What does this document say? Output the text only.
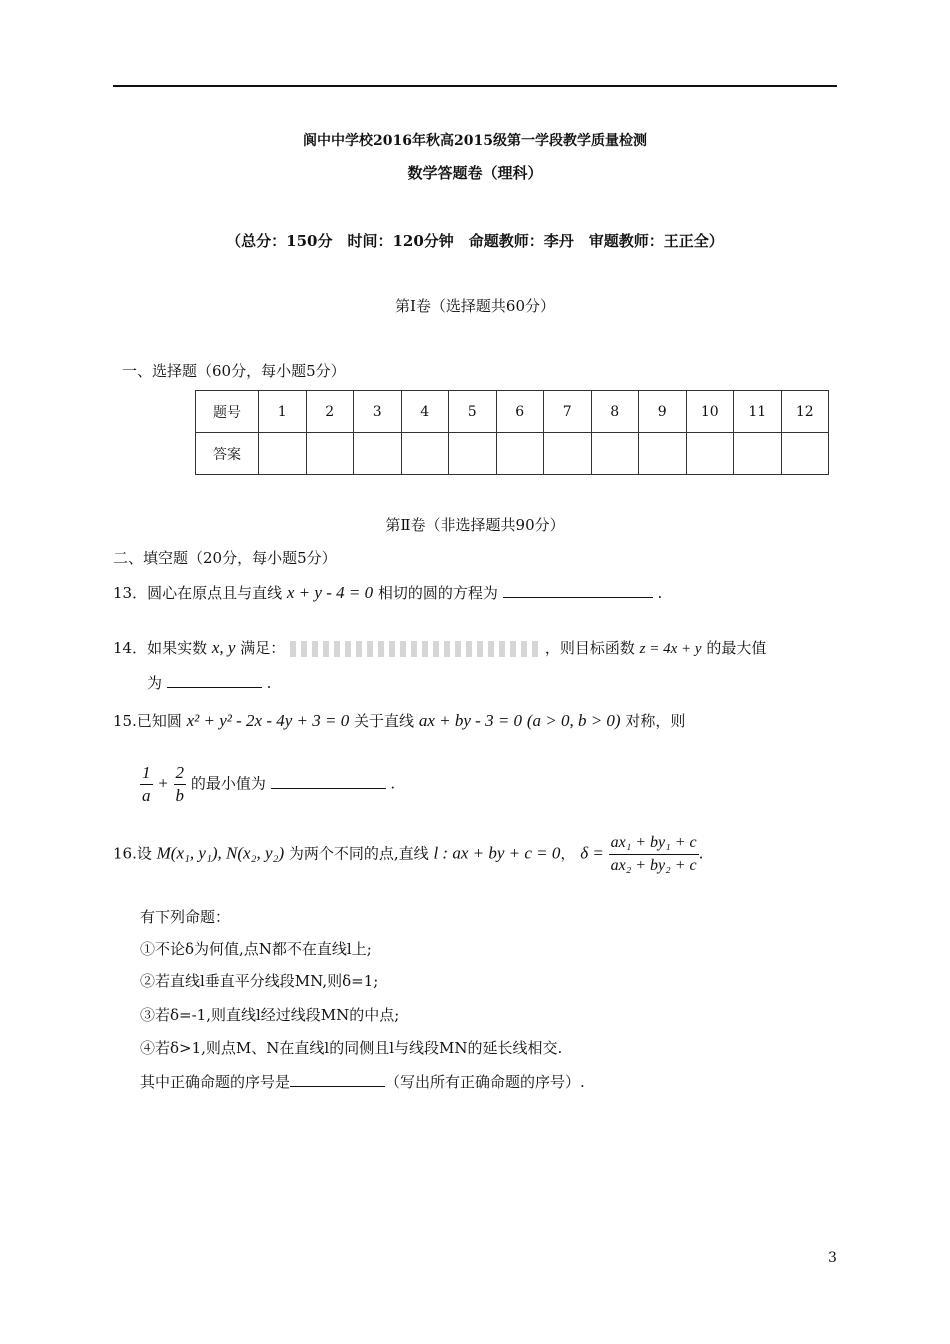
阆中中学校2016年秋高2015级第一学段教学质量检测
数学答题卷（理科）
（总分：150分　时间：120分钟　命题教师：李丹　审题教师：王正全）
第Ⅰ卷（选择题共60分）
一、选择题（60分，每小题5分）
题号	1	2	3	4	5	6	7	8	9	10	11	12
答案												
第Ⅱ卷（非选择题共90分）
二、填空题（20分，每小题5分）
13．圆心在原点且与直线 x + y - 4 = 0 相切的圆的方程为	.
14．如果实数 x, y 满足：	，则目标函数 z = 4x + y 的最大值
为	.
15.已知圆 x² + y² - 2x - 4y + 3 = 0 关于直线 ax + by - 3 = 0 (a > 0, b > 0) 对称，则
$\frac{1}{a} + \frac{2}{b}$ 的最小值为	.
16.设 M(x₁, y₁), N(x₂, y₂) 为两个不同的点,直线 l : ax + by + c = 0， $\delta = \frac{\text{ax₁ + by₁ + c}}{\text{ax₂ + by₂ + c}}$ .
有下列命题：
①不论δ为何值,点N都不在直线l上;
②若直线l垂直平分线段MN,则δ=1;
③若δ=-1,则直线l经过线段MN的中点;
④若δ>1,则点M、N在直线l的同侧且l与线段MN的延长线相交.
其中正确命题的序号是	（写出所有正确命题的序号）.
3
